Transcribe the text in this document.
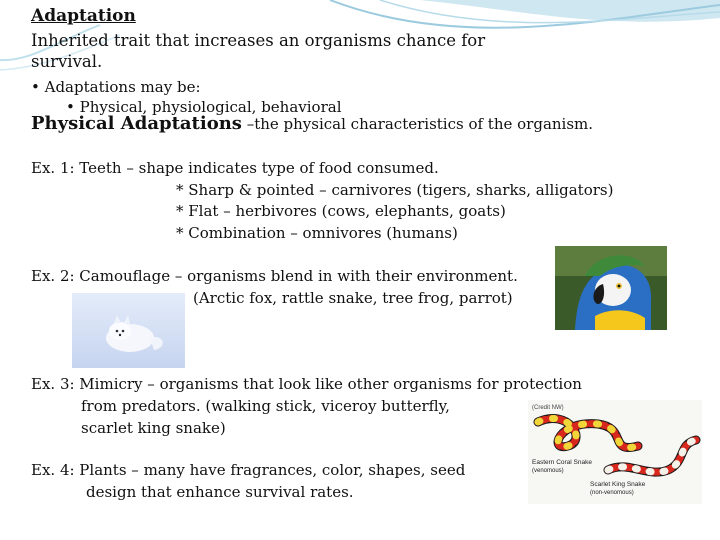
Adaptation
Inherited trait that increases an organisms chance for survival.
• Adaptations may be:
• Physical, physiological, behavioral
Physical Adaptations –the physical characteristics of the organism.
Ex. 1: Teeth – shape indicates type of food consumed.
* Sharp & pointed – carnivores (tigers, sharks, alligators)
* Flat – herbivores (cows, elephants, goats)
* Combination – omnivores (humans)
Ex. 2: Camouflage – organisms blend in with their environment.
(Arctic fox, rattle snake, tree frog, parrot)
Ex. 3: Mimicry – organisms that look like other organisms for protection
from predators. (walking stick, viceroy butterfly,
scarlet king snake)
Ex. 4: Plants – many have fragrances, color, shapes, seed
design that enhance survival rates.
(Credit NW)
Eastern Coral Snake
(venomous)
Scarlet King Snake
(non-venomous)
